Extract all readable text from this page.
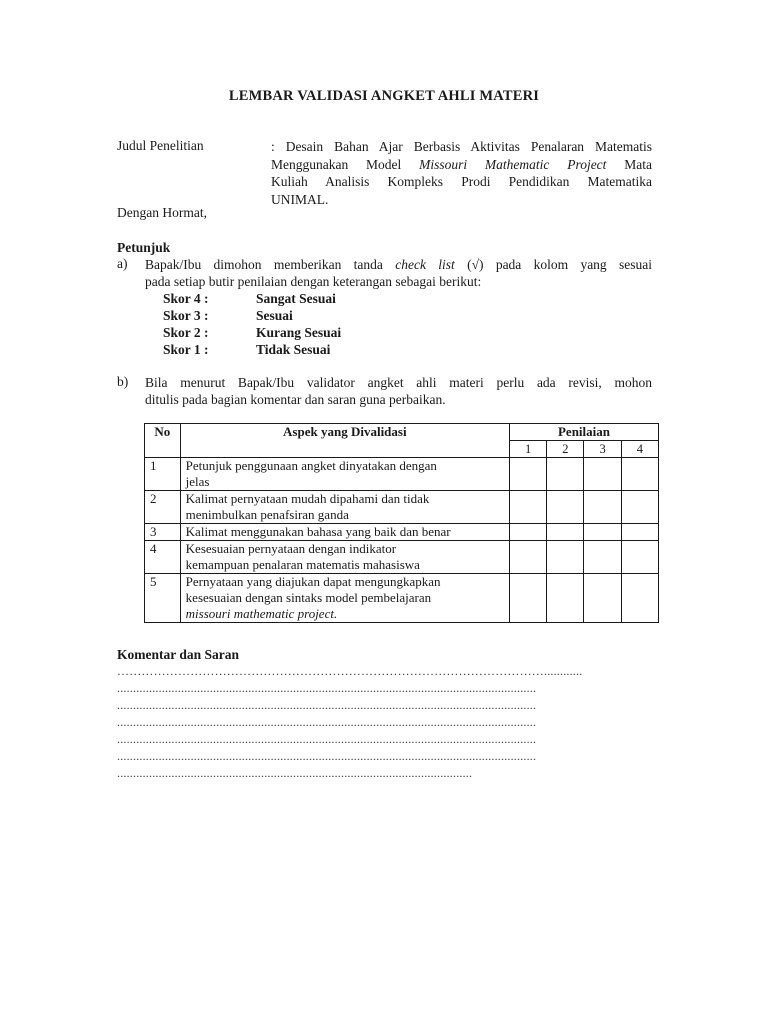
LEMBAR VALIDASI ANGKET AHLI MATERI
Judul Penelitian	: Desain Bahan Ajar Berbasis Aktivitas Penalaran Matematis
Menggunakan Model Missouri Mathematic Project Mata
Kuliah Analisis Kompleks Prodi Pendidikan Matematika
UNIMAL.
Dengan Hormat,
Petunjuk
a) Bapak/Ibu dimohon memberikan tanda check list (√) pada kolom yang sesuai
pada setiap butir penilaian dengan keterangan sebagai berikut:
Skor 4 :	Sangat Sesuai
Skor 3 :	Sesuai
Skor 2 :	Kurang Sesuai
Skor 1 :	Tidak Sesuai
b) Bila menurut Bapak/Ibu validator angket ahli materi perlu ada revisi, mohon
ditulis pada bagian komentar dan saran guna perbaikan.
No	Aspek yang Divalidasi	Penilaian			
		1	2	3	4
1	Petunjuk penggunaan angket dinyatakan dengan
jelas				
2	Kalimat pernyataan mudah dipahami dan tidak
menimbulkan penafsiran ganda				
3	Kalimat menggunakan bahasa yang baik dan benar				
4	Kesesuaian pernyataan dengan indikator
kemampuan penalaran matematis mahasiswa				
5	Pernyataan yang diajukan dapat mengungkapkan
kesesuaian dengan sintaks model pembelajaran
missouri mathematic project.				
Komentar dan Saran
……………………………………………………………………………………………............
...................................................................................................................................
...................................................................................................................................
...................................................................................................................................
...................................................................................................................................
...................................................................................................................................
...............................................................................................................
